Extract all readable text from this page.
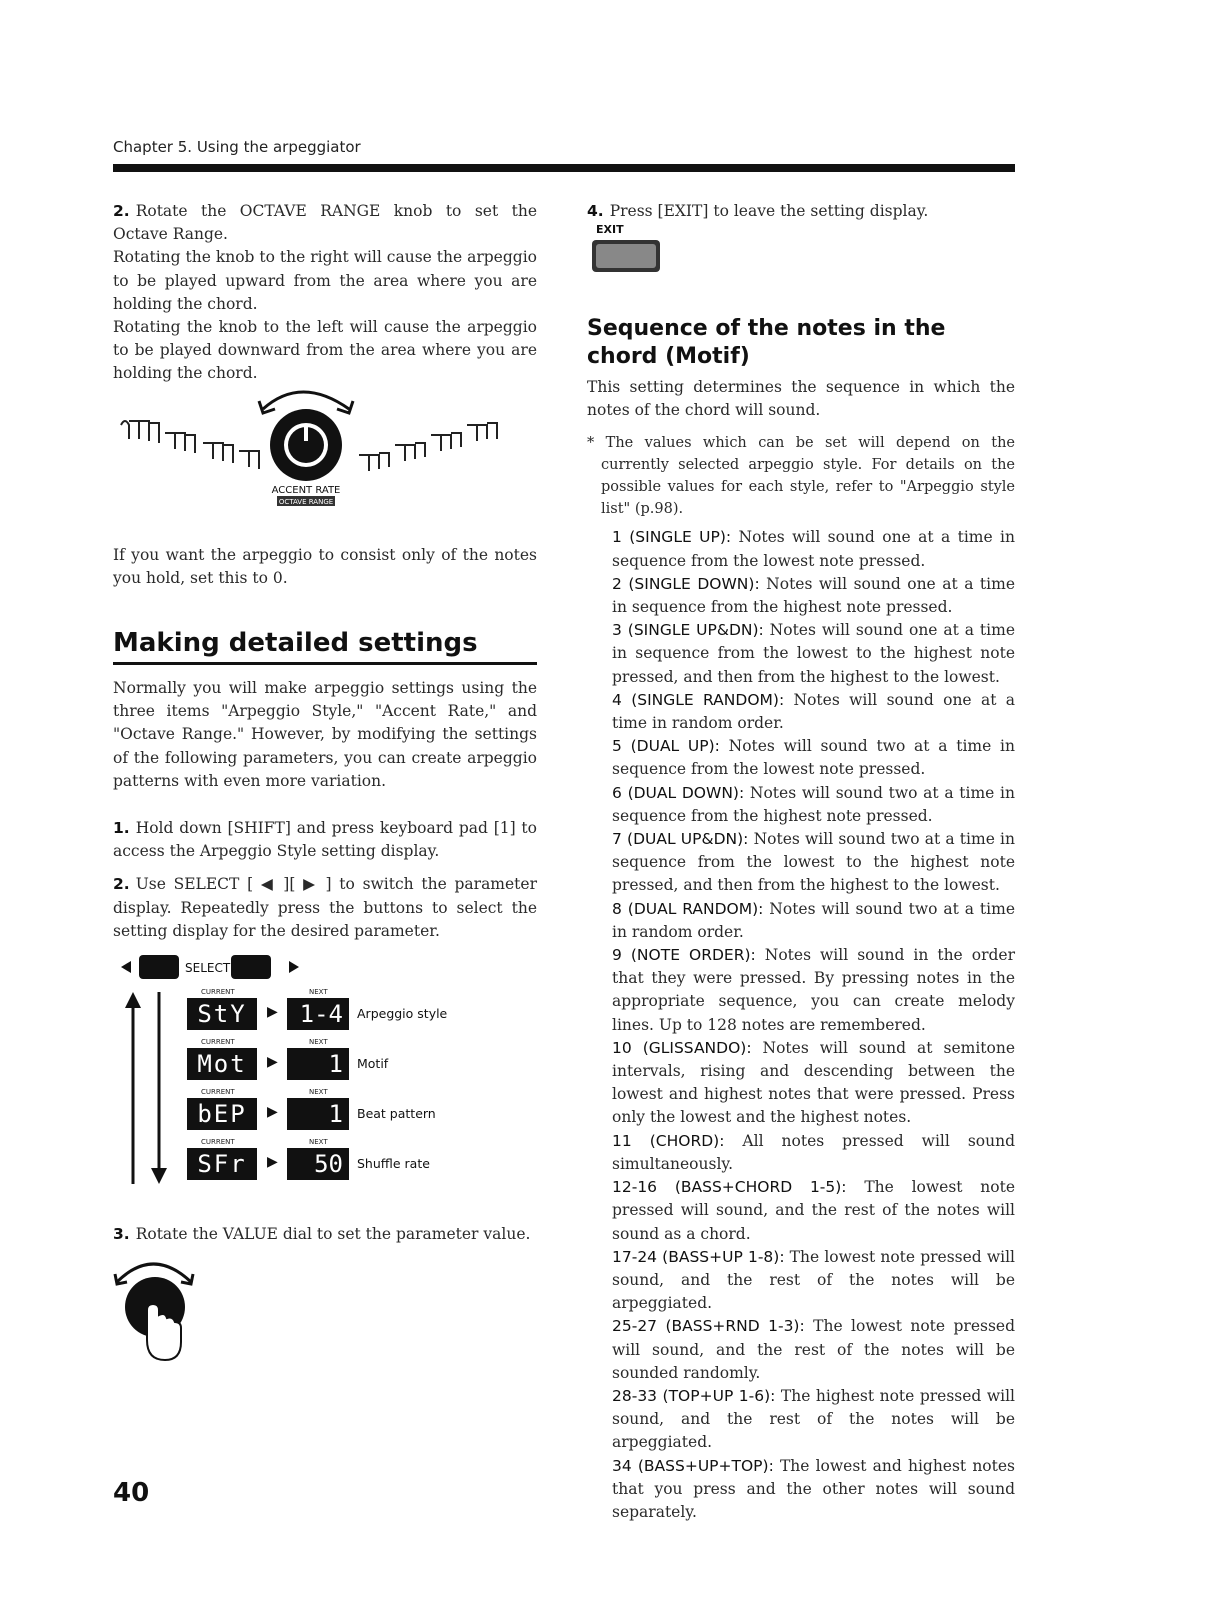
Chapter 5. Using the arpeggiator

2. Rotate the OCTAVE RANGE knob to set the Octave Range.

Rotating the knob to the right will cause the arpeggio to be played upward from the area where you are holding the chord.

Rotating the knob to the left will cause the arpeggio to be played downward from the area where you are holding the chord.

ACCENT RATE
OCTAVE RANGE

If you want the arpeggio to consist only of the notes you hold, set this to 0.

Making detailed settings

Normally you will make arpeggio settings using the three items "Arpeggio Style," "Accent Rate," and "Octave Range." However, by modifying the settings of the following parameters, you can create arpeggio patterns with even more variation.

1. Hold down [SHIFT] and press keyboard pad [1] to access the Arpeggio Style setting display.

2. Use SELECT [ ◀ ][ ▶ ] to switch the parameter display. Repeatedly press the buttons to select the setting display for the desired parameter.

SELECT
CURRENT	NEXT
StY	▶ 1-4	Arpeggio style
CURRENT	NEXT
Mot	▶	1	Motif
CURRENT	NEXT
bEP	▶	1	Beat pattern
CURRENT	NEXT
SFr	▶	50	Shuffle rate

3. Rotate the VALUE dial to set the parameter value.

4. Press [EXIT] to leave the setting display.

EXIT
Sequence of the notes in the chord (Motif)

This setting determines the sequence in which the notes of the chord will sound.

* The values which can be set will depend on the currently selected arpeggio style. For details on the possible values for each style, refer to "Arpeggio style list" (p.98).

1 (SINGLE UP): Notes will sound one at a time in sequence from the lowest note pressed.

2 (SINGLE DOWN): Notes will sound one at a time in sequence from the highest note pressed.

3 (SINGLE UP&DN): Notes will sound one at a time in sequence from the lowest to the highest note pressed, and then from the highest to the lowest.

4 (SINGLE RANDOM): Notes will sound one at a time in random order.

5 (DUAL UP): Notes will sound two at a time in sequence from the lowest note pressed.

6 (DUAL DOWN): Notes will sound two at a time in sequence from the highest note pressed.

7 (DUAL UP&DN): Notes will sound two at a time in sequence from the lowest to the highest note pressed, and then from the highest to the lowest.

8 (DUAL RANDOM): Notes will sound two at a time in random order.

9 (NOTE ORDER): Notes will sound in the order that they were pressed. By pressing notes in the appropriate sequence, you can create melody lines. Up to 128 notes are remembered.

10 (GLISSANDO): Notes will sound at semitone intervals, rising and descending between the lowest and highest notes that were pressed. Press only the lowest and the highest notes.

11 (CHORD): All notes pressed will sound simultaneously.

12-16 (BASS+CHORD 1-5): The lowest note pressed will sound, and the rest of the notes will sound as a chord.

17-24 (BASS+UP 1-8): The lowest note pressed will sound, and the rest of the notes will be arpeggiated.

25-27 (BASS+RND 1-3): The lowest note pressed will sound, and the rest of the notes will be sounded randomly.

28-33 (TOP+UP 1-6): The highest note pressed will sound, and the rest of the notes will be arpeggiated.

34 (BASS+UP+TOP): The lowest and highest notes that you press and the other notes will sound separately.

40
